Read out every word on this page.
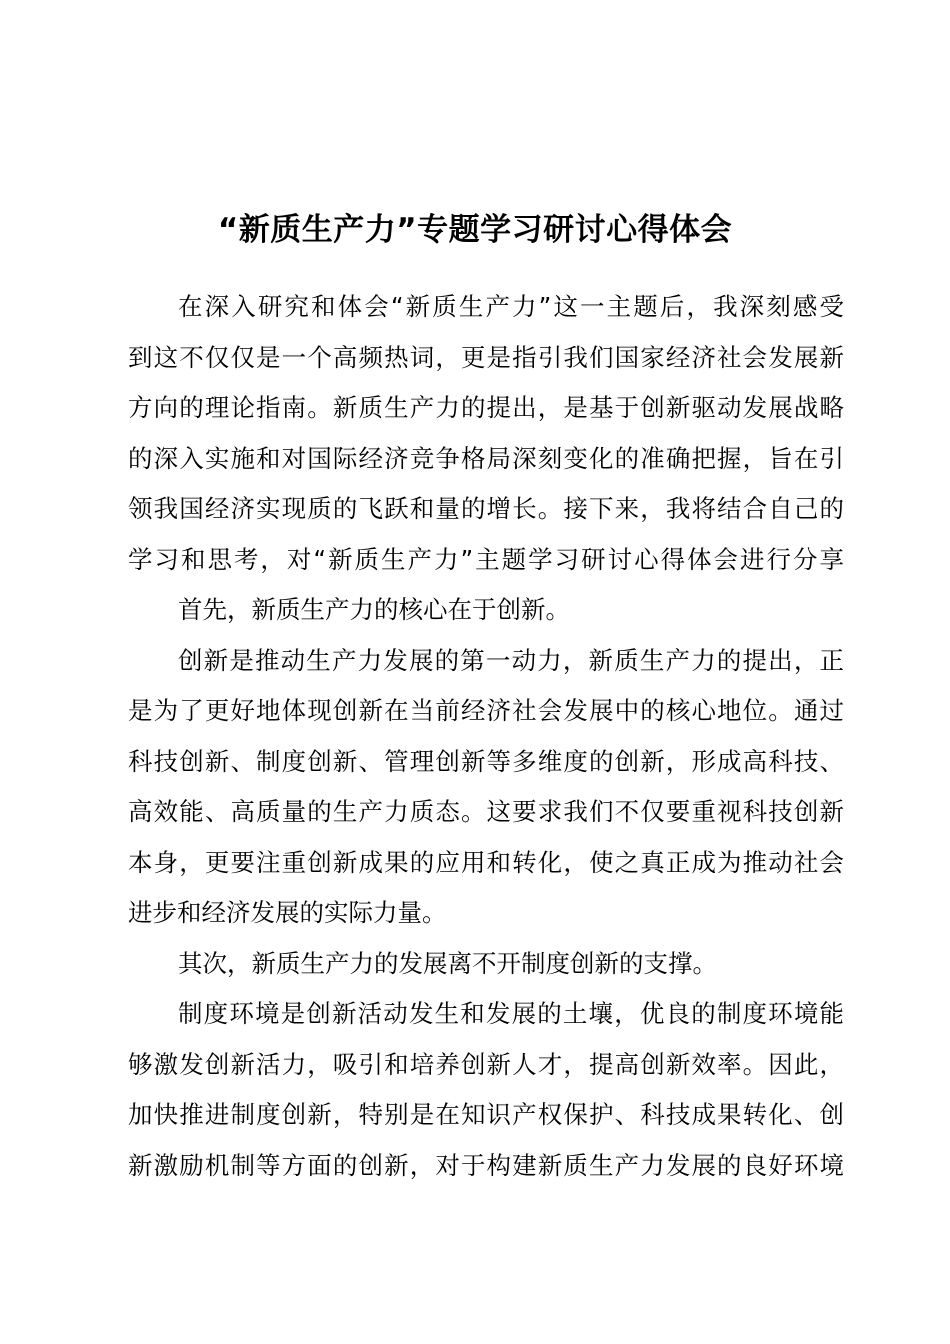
“新质生产力”专题学习研讨心得体会

在深入研究和体会“新质生产力”这一主题后，我深刻感受
到这不仅仅是一个高频热词，更是指引我们国家经济社会发展新
方向的理论指南。新质生产力的提出，是基于创新驱动发展战略
的深入实施和对国际经济竞争格局深刻变化的准确把握，旨在引
领我国经济实现质的飞跃和量的增长。接下来，我将结合自己的
学习和思考，对“新质生产力”主题学习研讨心得体会进行分享

首先，新质生产力的核心在于创新。

创新是推动生产力发展的第一动力，新质生产力的提出，正
是为了更好地体现创新在当前经济社会发展中的核心地位。通过
科技创新、制度创新、管理创新等多维度的创新，形成高科技、
高效能、高质量的生产力质态。这要求我们不仅要重视科技创新
本身，更要注重创新成果的应用和转化，使之真正成为推动社会
进步和经济发展的实际力量。

其次，新质生产力的发展离不开制度创新的支撑。

制度环境是创新活动发生和发展的土壤，优良的制度环境能
够激发创新活力，吸引和培养创新人才，提高创新效率。因此，
加快推进制度创新，特别是在知识产权保护、科技成果转化、创
新激励机制等方面的创新，对于构建新质生产力发展的良好环境
